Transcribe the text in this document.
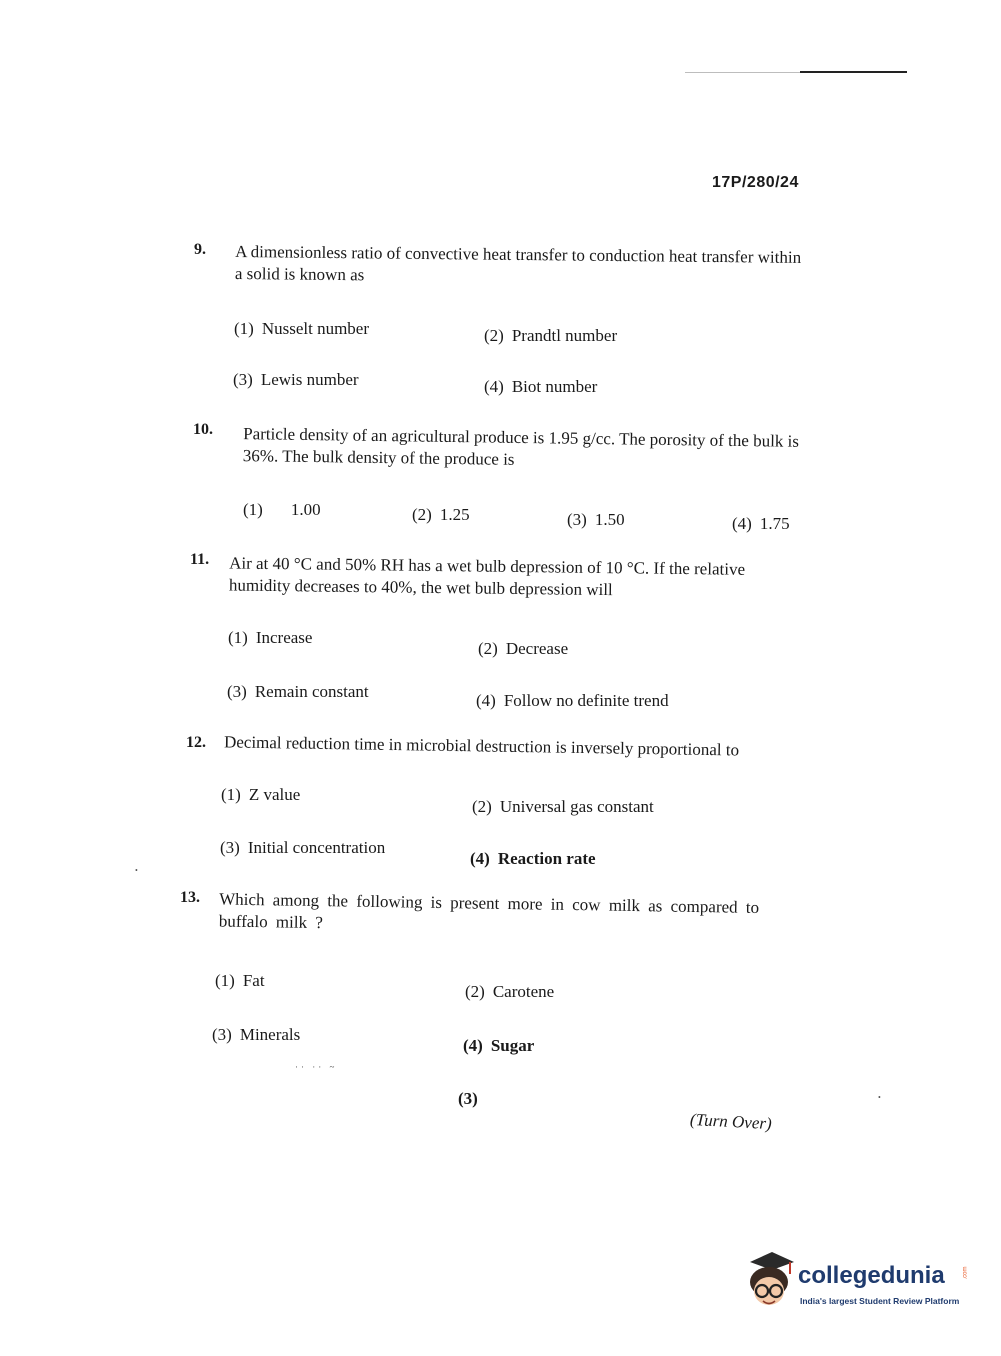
17P/280/24
9. A dimensionless ratio of convective heat transfer to conduction heat transfer within a solid is known as
(1) Nusselt number	(2) Prandtl number
(3) Lewis number	(4) Biot number
10. Particle density of an agricultural produce is 1.95 g/cc. The porosity of the bulk is 36%. The bulk density of the produce is
(1) 1.00	(2) 1.25	(3) 1.50	(4) 1.75
11. Air at 40 °C and 50% RH has a wet bulb depression of 10 °C. If the relative humidity decreases to 40%, the wet bulb depression will
(1) Increase
(2) Decrease
(3) Remain constant	(4) Follow no definite trend
12. Decimal reduction time in microbial destruction is inversely proportional to
(1) Z value
(2) Universal gas constant
(3) Initial concentration
(4) Reaction rate
13. Which among the following is present more in cow milk as compared to buffalo milk ?
(1) Fat
(2) Carotene
(3) Minerals
(4) Sugar
•
•
·· ·· ~
(3)
(Turn Over)
collegedunia	.com
India's largest Student Review Platform
